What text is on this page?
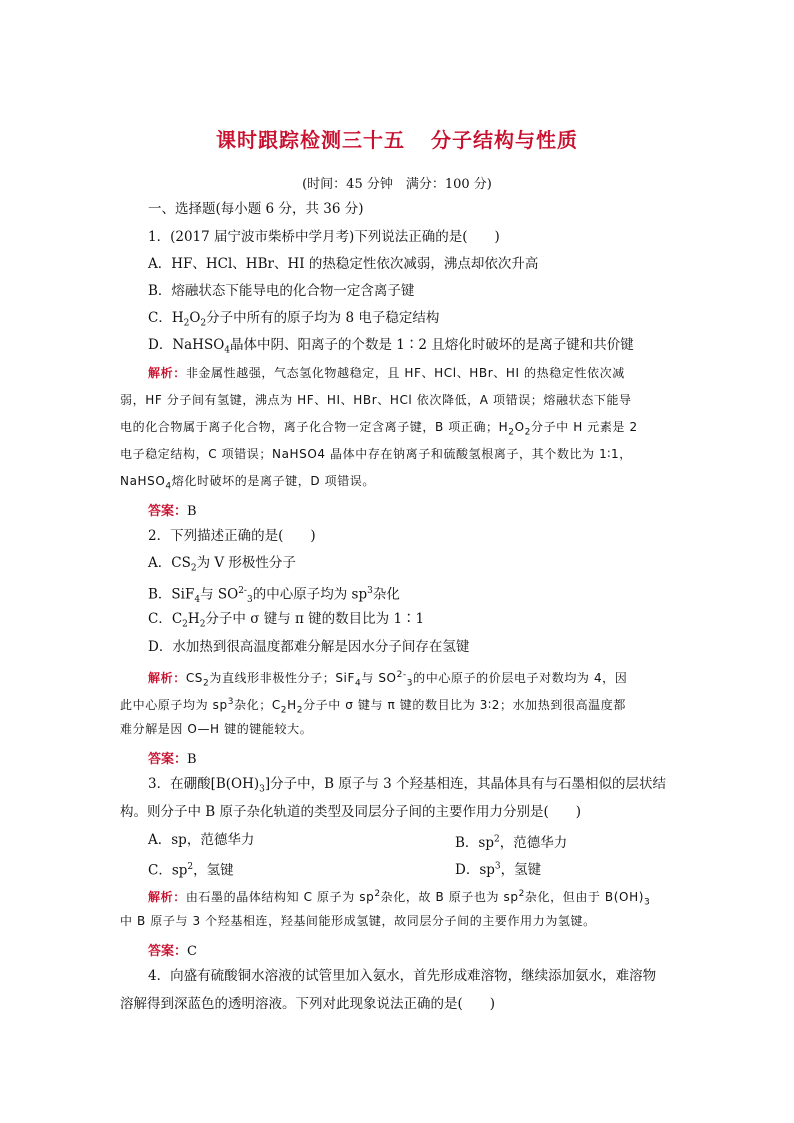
课时跟踪检测三十五 分子结构与性质
(时间：45 分钟　满分：100 分)
一、选择题(每小题 6 分，共 36 分)
1．(2017 届宁波市柴桥中学月考)下列说法正确的是(　　)
A．HF、HCl、HBr、HI 的热稳定性依次减弱，沸点却依次升高
B．熔融状态下能导电的化合物一定含离子键
C．$H_2O_2$分子中所有的原子均为 8 电子稳定结构
D．NaHSO$_4$晶体中阴、阳离子的个数是 1∶2 且熔化时破坏的是离子键和共价键
解析：非金属性越强，气态氢化物越稳定，且 HF、HCl、HBr、HI 的热稳定性依次减
弱，HF 分子间有氢键，沸点为 HF、HI、HBr、HCl 依次降低，A 项错误；熔融状态下能导
电的化合物属于离子化合物，离子化合物一定含离子键，B 项正确；$H_2O_2$分子中 H 元素是 2
电子稳定结构，C 项错误；NaHSO4 晶体中存在钠离子和硫酸氢根离子，其个数比为 1∶1，
NaHSO$_4$熔化时破坏的是离子键，D 项错误。
答案：B
2．下列描述正确的是(　　)
A．$CS_2$为 V 形极性分子
B．SiF$_4$与 $SO^{2-}_3$的中心原子均为 $sp^3$杂化
C．$C_2H_2$分子中 σ 键与 π 键的数目比为 1∶1
D．水加热到很高温度都难分解是因水分子间存在氢键
解析：$CS_2$为直线形非极性分子；SiF$_4$与 $SO^{2-}_3$的中心原子的价层电子对数均为 4，因
此中心原子均为 $sp^3$杂化；$C_2H_2$分子中 σ 键与 π 键的数目比为 3∶2；水加热到很高温度都
难分解是因 O—H 键的键能较大。
答案：B
3．在硼酸$[B(OH)_3]$分子中，B 原子与 3 个羟基相连，其晶体具有与石墨相似的层状结
构。则分子中 B 原子杂化轨道的类型及同层分子间的主要作用力分别是(　　)
A．sp，范德华力	B．$sp^2$，范德华力
C．$sp^2$，氢键	D．$sp^3$，氢键
解析：由石墨的晶体结构知 C 原子为 $sp^2$杂化，故 B 原子也为 $sp^2$杂化，但由于 $B(OH)_3$
中 B 原子与 3 个羟基相连，羟基间能形成氢键，故同层分子间的主要作用力为氢键。
答案：C
4．向盛有硫酸铜水溶液的试管里加入氨水，首先形成难溶物，继续添加氨水，难溶物
溶解得到深蓝色的透明溶液。下列对此现象说法正确的是(　　)
